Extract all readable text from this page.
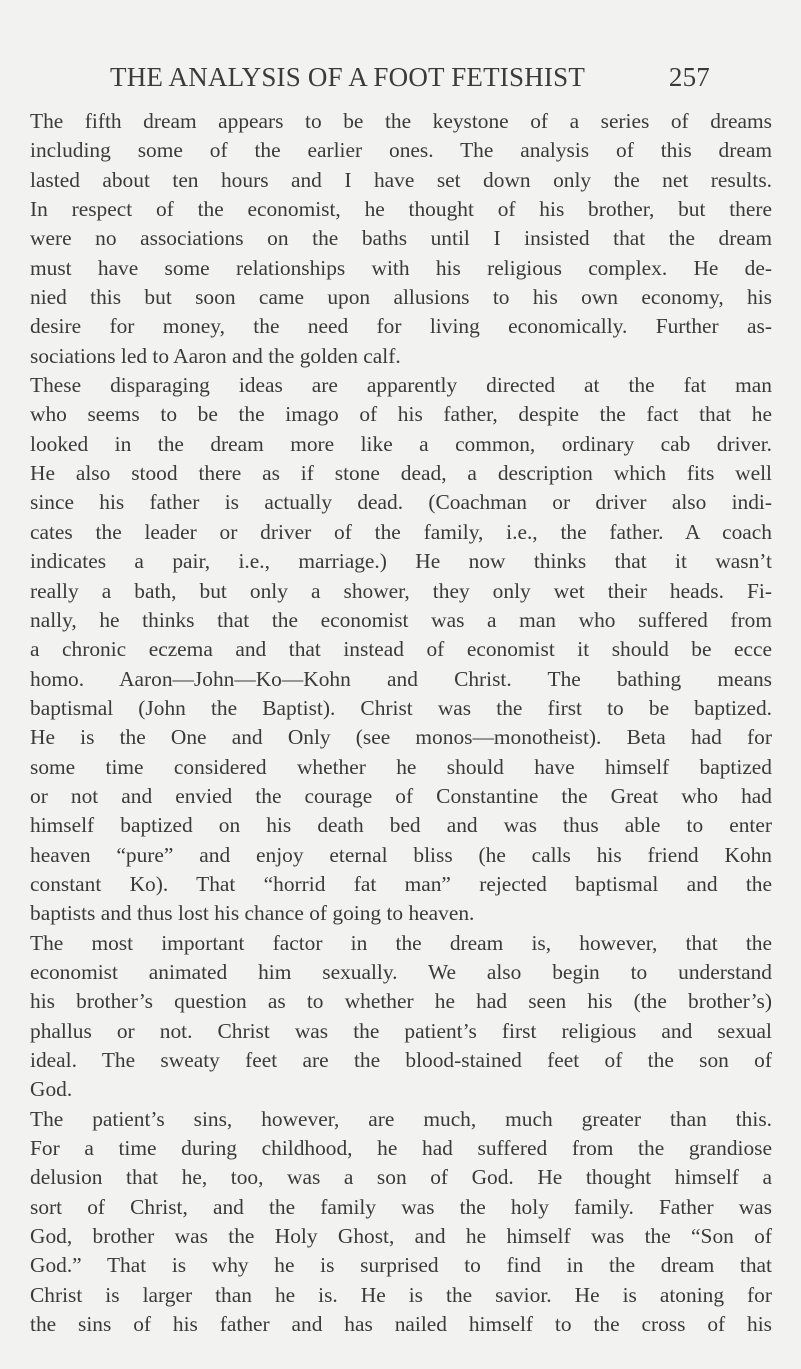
THE ANALYSIS OF A FOOT FETISHIST	257
The fifth dream appears to be the keystone of a series of dreams
including some of the earlier ones. The analysis of this dream
lasted about ten hours and I have set down only the net results.
In respect of the economist, he thought of his brother, but there
were no associations on the baths until I insisted that the dream
must have some relationships with his religious complex. He de-
nied this but soon came upon allusions to his own economy, his
desire for money, the need for living economically. Further as-
sociations led to Aaron and the golden calf.
These disparaging ideas are apparently directed at the fat man
who seems to be the imago of his father, despite the fact that he
looked in the dream more like a common, ordinary cab driver.
He also stood there as if stone dead, a description which fits well
since his father is actually dead. (Coachman or driver also indi-
cates the leader or driver of the family, i.e., the father. A coach
indicates a pair, i.e., marriage.) He now thinks that it wasn’t
really a bath, but only a shower, they only wet their heads. Fi-
nally, he thinks that the economist was a man who suffered from
a chronic eczema and that instead of economist it should be ecce
homo. Aaron—John—Ko—Kohn and Christ. The bathing means
baptismal (John the Baptist). Christ was the first to be baptized.
He is the One and Only (see monos—monotheist). Beta had for
some time considered whether he should have himself baptized
or not and envied the courage of Constantine the Great who had
himself baptized on his death bed and was thus able to enter
heaven “pure” and enjoy eternal bliss (he calls his friend Kohn
constant Ko). That “horrid fat man” rejected baptismal and the
baptists and thus lost his chance of going to heaven.
The most important factor in the dream is, however, that the
economist animated him sexually. We also begin to understand
his brother’s question as to whether he had seen his (the brother’s)
phallus or not. Christ was the patient’s first religious and sexual
ideal. The sweaty feet are the blood-stained feet of the son of
God.
The patient’s sins, however, are much, much greater than this.
For a time during childhood, he had suffered from the grandiose
delusion that he, too, was a son of God. He thought himself a
sort of Christ, and the family was the holy family. Father was
God, brother was the Holy Ghost, and he himself was the “Son of
God.” That is why he is surprised to find in the dream that
Christ is larger than he is. He is the savior. He is atoning for
the sins of his father and has nailed himself to the cross of his
